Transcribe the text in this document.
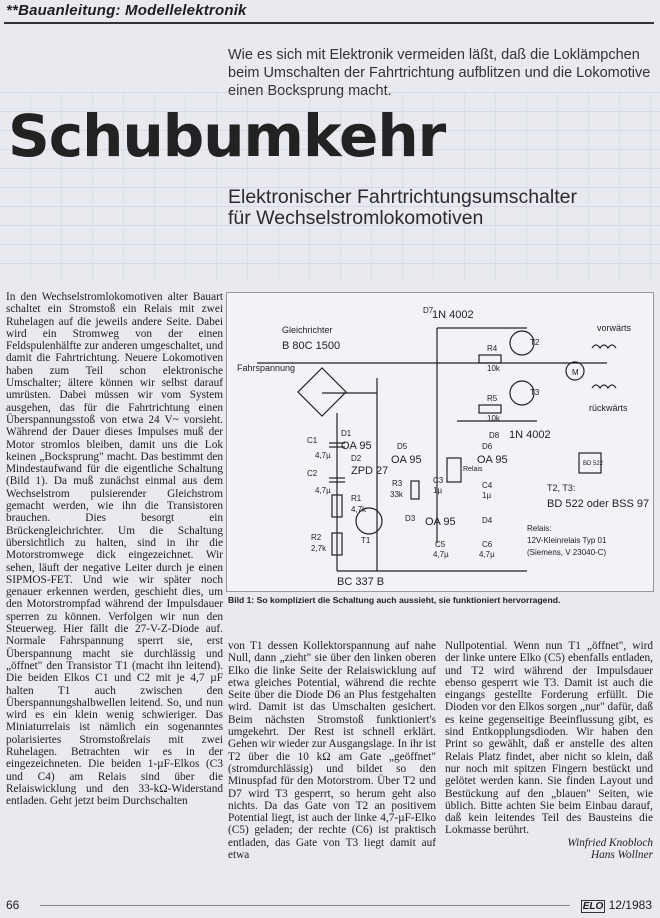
**Bauanleitung: Modellelektronik
Wie es sich mit Elektronik vermeiden läßt, daß die Loklämpchen beim Umschalten der Fahrtrichtung aufblitzen und die Lokomotive einen Bocksprung macht.
Schubumkehr
Elektronischer Fahrtrichtungsumschalter
für Wechselstromlokomotiven

In den Wechselstromlokomotiven alter Bauart schaltet ein Stromstoß ein Relais mit zwei Ruhelagen auf die jeweils andere Seite. Dabei wird ein Stromweg von der einen Feldspulenhälfte zur anderen umgeschaltet, und damit die Fahrtrichtung. Neuere Lokomotiven haben zum Teil schon elektronische Umschalter; ältere können wir selbst darauf umrüsten. Dabei müssen wir vom System ausgehen, das für die Fahrtrichtung einen Überspannungsstoß von etwa 24 V~ vorsieht. Während der Dauer dieses Impulses muß der Motor stromlos bleiben, damit uns die Lok keinen „Bocksprung" macht. Das bestimmt den Mindestaufwand für die eigentliche Schaltung (Bild 1). Da muß zunächst einmal aus dem Wechselstrom pulsierender Gleichstrom gemacht werden, wie ihn die Transistoren brauchen. Dies besorgt ein Brückengleichrichter. Um die Schaltung übersichtlich zu halten, sind in ihr die Motorstromwege dick eingezeichnet. Wir sehen, läuft der negative Leiter durch je einen SIPMOS-FET. Und wie wir später noch genauer erkennen werden, geschieht dies, um den Motorstrompfad während der Impulsdauer sperren zu können. Verfolgen wir nun den Steuerweg. Hier fällt die 27-V-Z-Diode auf. Normale Fahrspannung sperrt sie, erst Überspannung macht sie durchlässig und „öffnet" den Transistor T1 (macht ihn leitend). Die beiden Elkos C1 und C2 mit je 4,7 µF halten T1 auch zwischen den Überspannungshalbwellen leitend. So, und nun wird es ein klein wenig schwieriger. Das Miniaturrelais ist nämlich ein sogenanntes polarisiertes Stromstoßrelais mit zwei Ruhelagen. Betrachten wir es in der eingezeichneten. Die beiden 1-µF-Elkos (C3 und C4) am Relais sind über die Relaiswicklung und den 33-kΩ-Widerstand entladen. Geht jetzt beim Durchschalten

Gleichrichter
B 80C 1500
Fahrspannung
1N 4002
D7
vorwärts
rückwärts
R4
10k
R5
10k
T2
T3
M
D8 1N 4002
D1
OA 95
C1
4,7µ
C2
4,7µ
D2
ZPD 27
R1
4,7k
R2
2,7k
T1
BC 337 B
D5
OA 95
D6
OA 95
R3
33k
C3
1µ
C4
1µ
D3 OA 95	D4
C5
4,7µ
C6
4,7µ
Relais
BD 522
T2, T3:
BD 522 oder BSS 97
Relais:
12V-Kleinrelais Typ 01
(Siemens, V 23040-C)
Bild 1: So kompliziert die Schaltung auch aussieht, sie funktioniert hervorragend.

von T1 dessen Kollektorspannung auf nahe Null, dann „zieht" sie über den linken oberen Elko die linke Seite der Relaiswicklung auf etwa gleiches Potential, während die rechte Seite über die Diode D6 an Plus festgehalten wird. Damit ist das Umschalten gesichert. Beim nächsten Stromstoß funktioniert's umgekehrt. Der Rest ist schnell erklärt. Gehen wir wieder zur Ausgangslage. In ihr ist T2 über die 10 kΩ am Gate „geöffnet" (stromdurchlässig) und bildet so den Minuspfad für den Motorstrom. Über T2 und D7 wird T3 gesperrt, so herum geht also nichts. Da das Gate von T2 an positivem Potential liegt, ist auch der linke 4,7-µF-Elko (C5) geladen; der rechte (C6) ist praktisch entladen, das Gate von T3 liegt damit auf etwa

Nullpotential. Wenn nun T1 „öffnet", wird der linke untere Elko (C5) ebenfalls entladen, und T2 wird während der Impulsdauer ebenso gesperrt wie T3. Damit ist auch die eingangs gestellte Forderung erfüllt. Die Dioden vor den Elkos sorgen „nur" dafür, daß es keine gegenseitige Beeinflussung gibt, es sind Entkopplungsdioden. Wir haben den Print so gewählt, daß er anstelle des alten Relais Platz findet, aber nicht so klein, daß nur noch mit spitzen Fingern bestückt und gelötet werden kann. Sie finden Layout und Bestückung auf den „blauen" Seiten, wie üblich. Bitte achten Sie beim Einbau darauf, daß kein leitendes Teil des Bausteins die Lokmasse berührt.

Winfried Knobloch

Hans Wollner

66	ELO 12/1983
